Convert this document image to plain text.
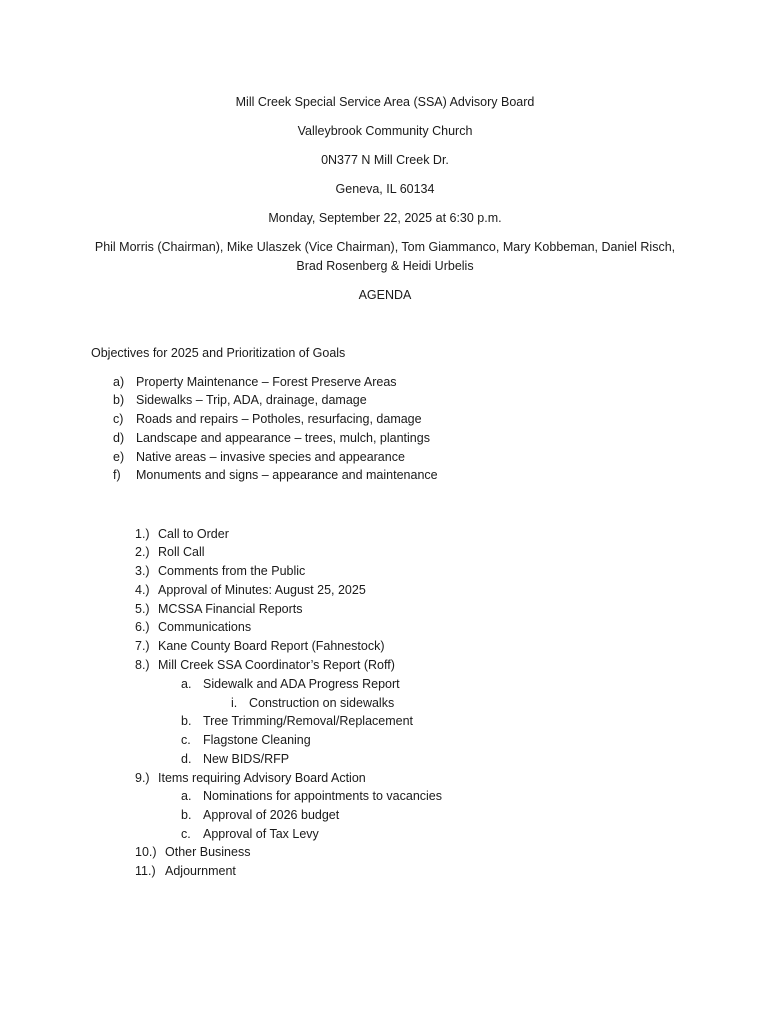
Mill Creek Special Service Area (SSA) Advisory Board
Valleybrook Community Church
0N377 N Mill Creek Dr.
Geneva, IL 60134
Monday, September 22, 2025 at 6:30 p.m.
Phil Morris (Chairman), Mike Ulaszek (Vice Chairman), Tom Giammanco, Mary Kobbeman, Daniel Risch,
Brad Rosenberg & Heidi Urbelis
AGENDA
Objectives for 2025 and Prioritization of Goals
a) Property Maintenance – Forest Preserve Areas
b) Sidewalks – Trip, ADA, drainage, damage
c) Roads and repairs – Potholes, resurfacing, damage
d) Landscape and appearance – trees, mulch, plantings
e) Native areas – invasive species and appearance
f) Monuments and signs – appearance and maintenance
1.) Call to Order
2.) Roll Call
3.) Comments from the Public
4.) Approval of Minutes: August 25, 2025
5.) MCSSA Financial Reports
6.) Communications
7.) Kane County Board Report (Fahnestock)
8.) Mill Creek SSA Coordinator’s Report (Roff)
a. Sidewalk and ADA Progress Report
i. Construction on sidewalks
b. Tree Trimming/Removal/Replacement
c. Flagstone Cleaning
d. New BIDS/RFP
9.) Items requiring Advisory Board Action
a. Nominations for appointments to vacancies
b. Approval of 2026 budget
c. Approval of Tax Levy
10.) Other Business
11.) Adjournment
